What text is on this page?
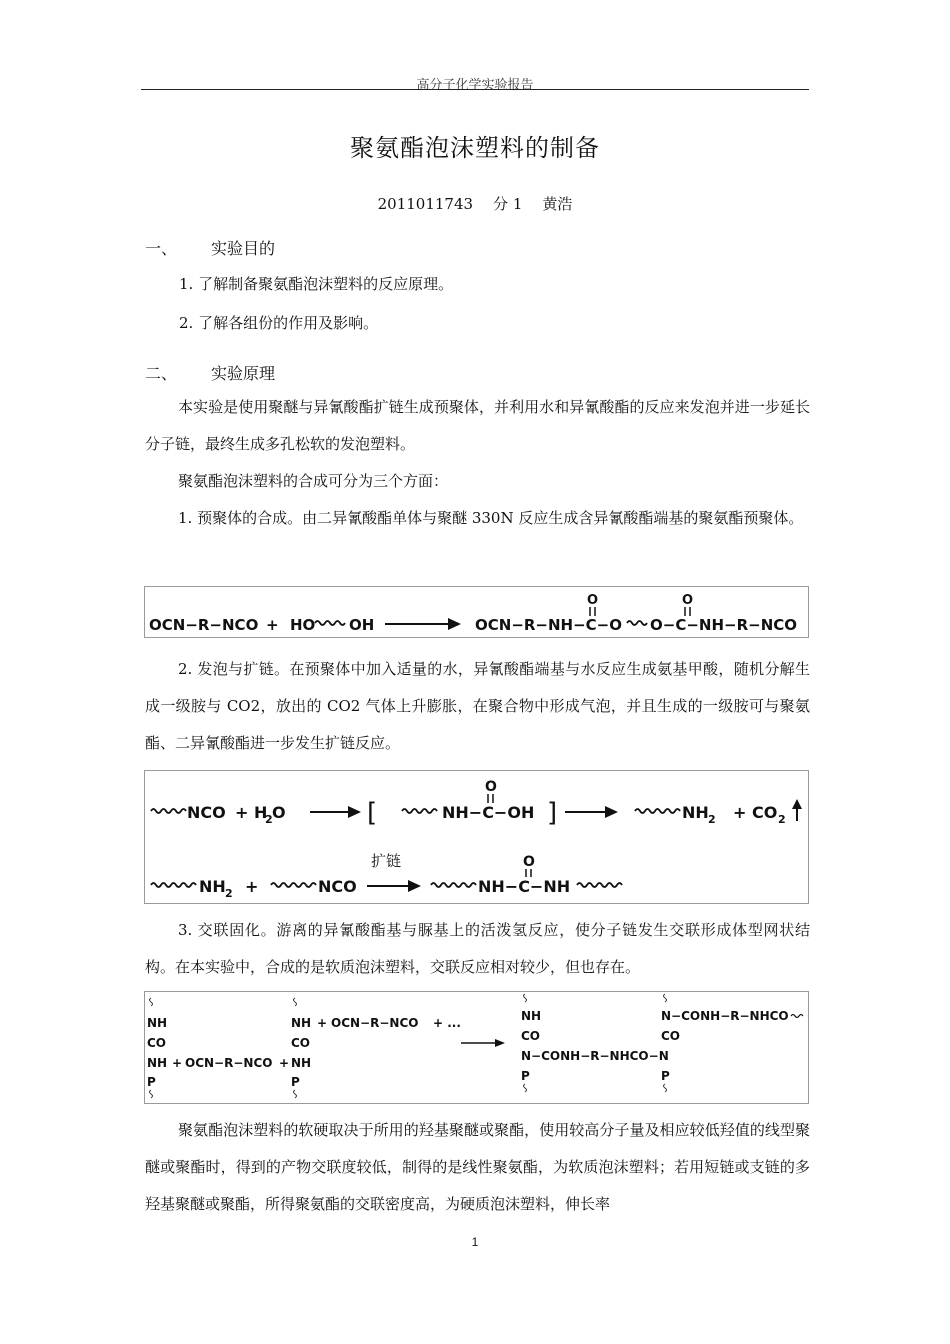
高分子化学实验报告
聚氨酯泡沫塑料的制备
2011011743 分 1 黄浩
一、 实验目的
1. 了解制备聚氨酯泡沫塑料的反应原理。
2. 了解各组份的作用及影响。
二、 实验原理

本实验是使用聚醚与异氰酸酯扩链生成预聚体，并利用水和异氰酸酯的反应来发泡并进一步延长分子链，最终生成多孔松软的发泡塑料。

聚氨酯泡沫塑料的合成可分为三个方面：

1. 预聚体的合成。由二异氰酸酯单体与聚醚 330N 反应生成含异氰酸酯端基的聚氨酯预聚体。

OCN−R−NCO + HO OH	OCN−R−NH−C−O
O
O−C−NH−R−NCO
O

2. 发泡与扩链。在预聚体中加入适量的水，异氰酸酯端基与水反应生成氨基甲酸，随机分解生成一级胺与 CO2，放出的 CO2 气体上升膨胀，在聚合物中形成气泡，并且生成的一级胺可与聚氨酯、二异氰酸酯进一步发生扩链反应。

NCO + H
2 O	[	NH−C−OH
O
]	NH 2 + CO 2
NH 2 +	NCO
扩链
NH−C−NH
O

3. 交联固化。游离的异氰酸酯基与脲基上的活泼氢反应，使分子链发生交联形成体型网状结构。在本实验中，合成的是软质泡沫塑料，交联反应相对较少，但也存在。

NH
CO
NH
P
+ OCN−R−NCO +
NH
CO
NH
P
+ OCN−R−NCO + ...	NH
CO
N−CONH−R−NHCO−N
P
N−CONH−R−NHCO
CO
P

聚氨酯泡沫塑料的软硬取决于所用的羟基聚醚或聚酯，使用较高分子量及相应较低羟值的线型聚醚或聚酯时，得到的产物交联度较低，制得的是线性聚氨酯，为软质泡沫塑料；若用短链或支链的多羟基聚醚或聚酯，所得聚氨酯的交联密度高，为硬质泡沫塑料，伸长率

1
